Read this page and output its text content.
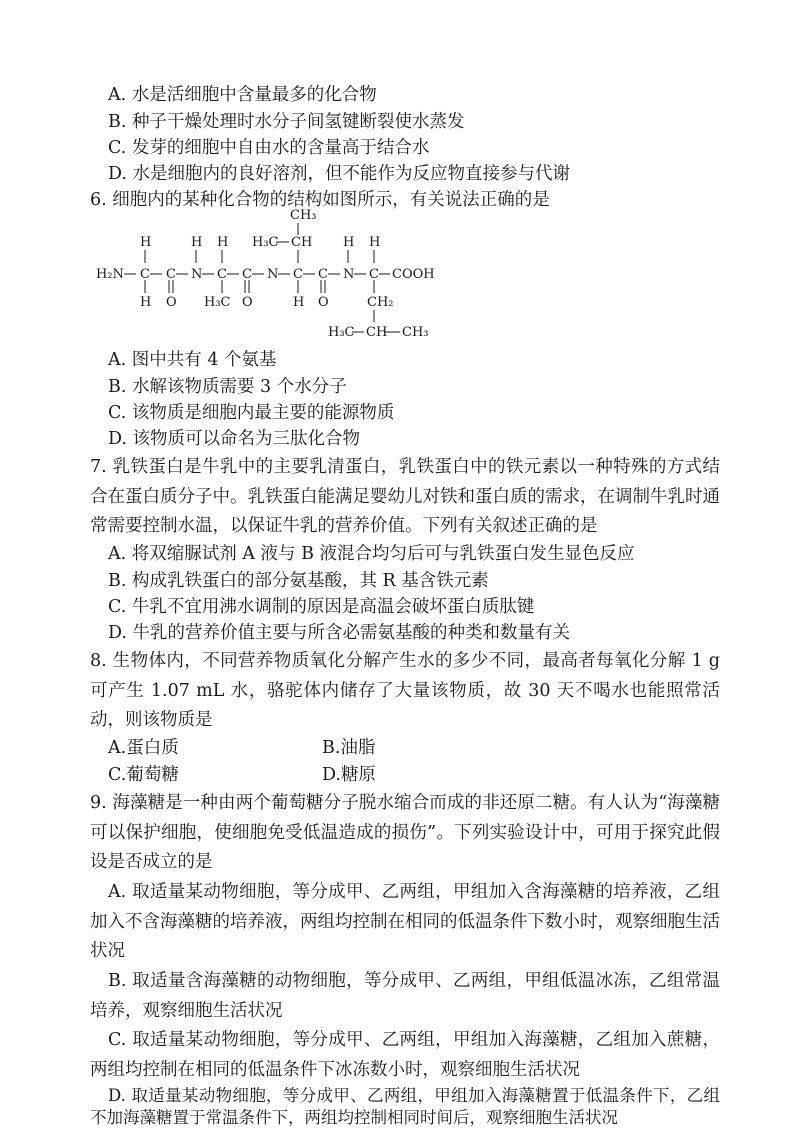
A. 水是活细胞中含量最多的化合物
B. 种子干燥处理时水分子间氢键断裂使水蒸发
C. 发芽的细胞中自由水的含量高于结合水
D. 水是细胞内的良好溶剂，但不能作为反应物直接参与代谢
6. 细胞内的某种化合物的结构如图所示，有关说法正确的是
H₂N C C N C C N C C N C COOH
H	H H	H H
CH₃
H₃C CH
H O H₃C O	H O	CH₂
H₃C CH CH₃
A. 图中共有 4 个氨基
B. 水解该物质需要 3 个水分子
C. 该物质是细胞内最主要的能源物质
D. 该物质可以命名为三肽化合物
7. 乳铁蛋白是牛乳中的主要乳清蛋白，乳铁蛋白中的铁元素以一种特殊的方式结合在蛋白质分子中。乳铁蛋白能满足婴幼儿对铁和蛋白质的需求，在调制牛乳时通常需要控制水温，以保证牛乳的营养价值。下列有关叙述正确的是
A. 将双缩脲试剂 A 液与 B 液混合均匀后可与乳铁蛋白发生显色反应
B. 构成乳铁蛋白的部分氨基酸，其 R 基含铁元素
C. 牛乳不宜用沸水调制的原因是高温会破坏蛋白质肽键
D. 牛乳的营养价值主要与所含必需氨基酸的种类和数量有关
8. 生物体内，不同营养物质氧化分解产生水的多少不同，最高者每氧化分解 1 g 可产生 1.07 mL 水，骆驼体内储存了大量该物质，故 30 天不喝水也能照常活动，则该物质是
A.蛋白质	B.油脂
C.葡萄糖	D.糖原
9. 海藻糖是一种由两个葡萄糖分子脱水缩合而成的非还原二糖。有人认为“海藻糖可以保护细胞，使细胞免受低温造成的损伤”。下列实验设计中，可用于探究此假设是否成立的是
A. 取适量某动物细胞，等分成甲、乙两组，甲组加入含海藻糖的培养液，乙组加入不含海藻糖的培养液，两组均控制在相同的低温条件下数小时，观察细胞生活状况
B. 取适量含海藻糖的动物细胞，等分成甲、乙两组，甲组低温冰冻，乙组常温培养，观察细胞生活状况
C. 取适量某动物细胞，等分成甲、乙两组，甲组加入海藻糖，乙组加入蔗糖，两组均控制在相同的低温条件下冰冻数小时，观察细胞生活状况
D. 取适量某动物细胞，等分成甲、乙两组，甲组加入海藻糖置于低温条件下，乙组不加海藻糖置于常温条件下，两组均控制相同时间后，观察细胞生活状况
